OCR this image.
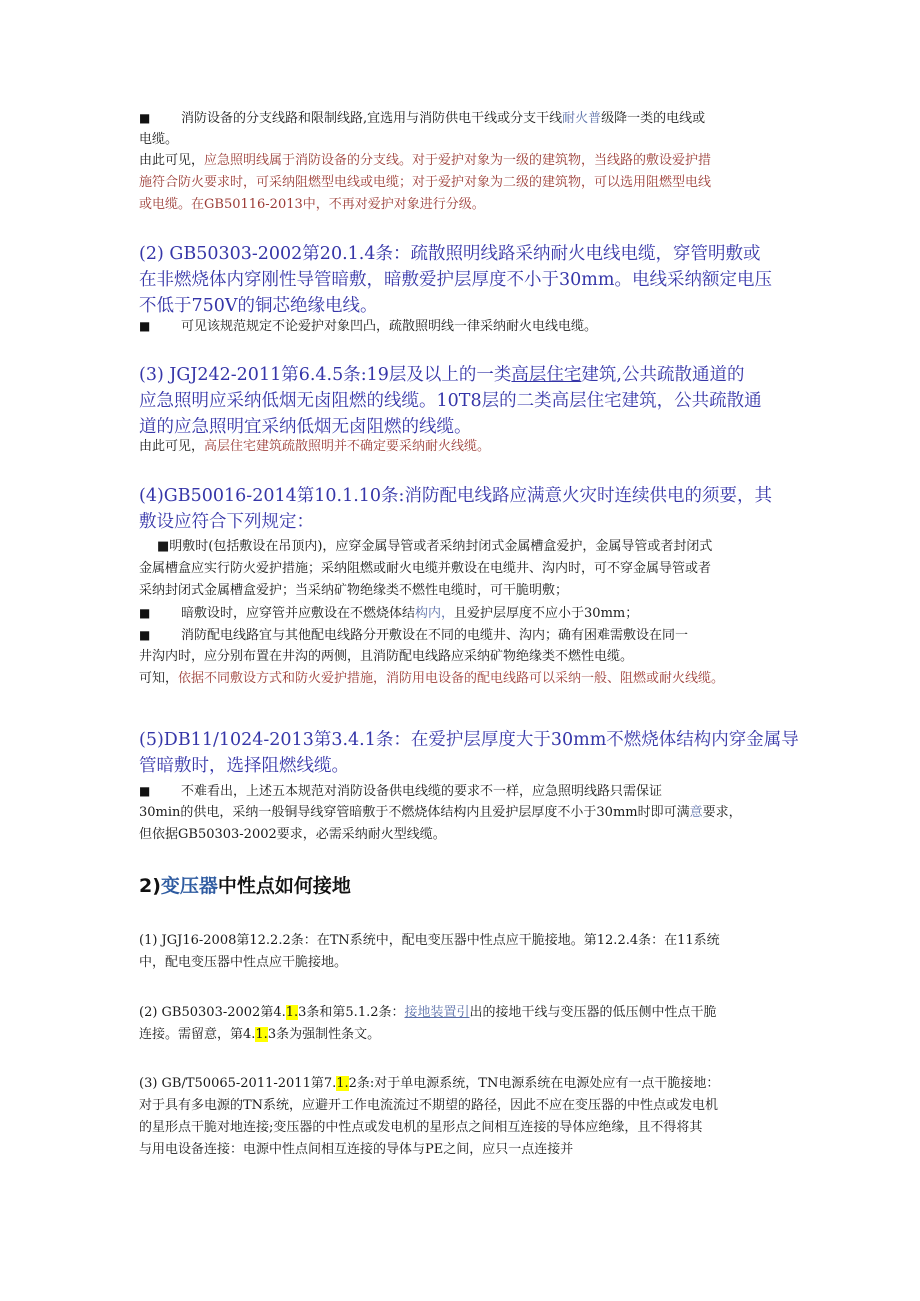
■ 消防设备的分支线路和限制线路,宜选用与消防供电干线或分支干线耐火普级降一类的电线或
电缆。
由此可见，应急照明线属于消防设备的分支线。对于爱护对象为一级的建筑物，当线路的敷设爱护措
施符合防火要求时，可采纳阻燃型电线或电缆；对于爱护对象为二级的建筑物，可以选用阻燃型电线
或电缆。在GB50116-2013中，不再对爱护对象进行分级。
(2) GB50303-2002第20.1.4条：疏散照明线路采纳耐火电线电缆，穿管明敷或
在非燃烧体内穿刚性导管暗敷，暗敷爱护层厚度不小于30mm。电线采纳额定电压
不低于750V的铜芯绝缘电线。
■ 可见该规范规定不论爱护对象凹凸，疏散照明线一律采纳耐火电线电缆。
(3) JGJ242-2011第6.4.5条:19层及以上的一类高层住宅建筑,公共疏散通道的
应急照明应采纳低烟无卤阻燃的线缆。10T8层的二类高层住宅建筑，公共疏散通
道的应急照明宜采纳低烟无卤阻燃的线缆。
由此可见，高层住宅建筑疏散照明并不确定要采纳耐火线缆。
(4)GB50016-2014第10.1.10条:消防配电线路应满意火灾时连续供电的须要，其
敷设应符合下列规定：
■明敷时(包括敷设在吊顶内)，应穿金属导管或者采纳封闭式金属槽盒爱护，金属导管或者封闭式
金属槽盒应实行防火爱护措施；采纳阻燃或耐火电缆并敷设在电缆井、沟内时，可不穿金属导管或者
采纳封闭式金属槽盒爱护；当采纳矿物绝缘类不燃性电缆时，可干脆明敷；
■ 暗敷设时，应穿管并应敷设在不燃烧体结构内，且爱护层厚度不应小于30mm；
■ 消防配电线路宜与其他配电线路分开敷设在不同的电缆井、沟内；确有困难需敷设在同一
井沟内时，应分别布置在井沟的两侧，且消防配电线路应采纳矿物绝缘类不燃性电缆。
可知，依据不同敷设方式和防火爱护措施，消防用电设备的配电线路可以采纳一般、阻燃或耐火线缆。
(5)DB11/1024-2013第3.4.1条：在爱护层厚度大于30mm不燃烧体结构内穿金属导
管暗敷时，选择阻燃线缆。
■ 不难看出，上述五本规范对消防设备供电线缆的要求不一样，应急照明线路只需保证
30min的供电，采纳一般铜导线穿管暗敷于不燃烧体结构内且爱护层厚度不小于30mm时即可满意要求，
但依据GB50303-2002要求，必需采纳耐火型线缆。
2)变压器中性点如何接地
(1) JGJ16-2008第12.2.2条：在TN系统中，配电变压器中性点应干脆接地。第12.2.4条：在11系统
中，配电变压器中性点应干脆接地。
(2) GB50303-2002第4.1.3条和第5.1.2条：接地装置引出的接地干线与变压器的低压侧中性点干脆
连接。需留意，第4.1.3条为强制性条文。
(3) GB/T50065-2011-2011第7.1.2条:对于单电源系统，TN电源系统在电源处应有一点干脆接地：
对于具有多电源的TN系统，应避开工作电流流过不期望的路径，因此不应在变压器的中性点或发电机
的星形点干脆对地连接;变压器的中性点或发电机的星形点之间相互连接的导体应绝缘，且不得将其
与用电设备连接：电源中性点间相互连接的导体与PE之间，应只一点连接并
